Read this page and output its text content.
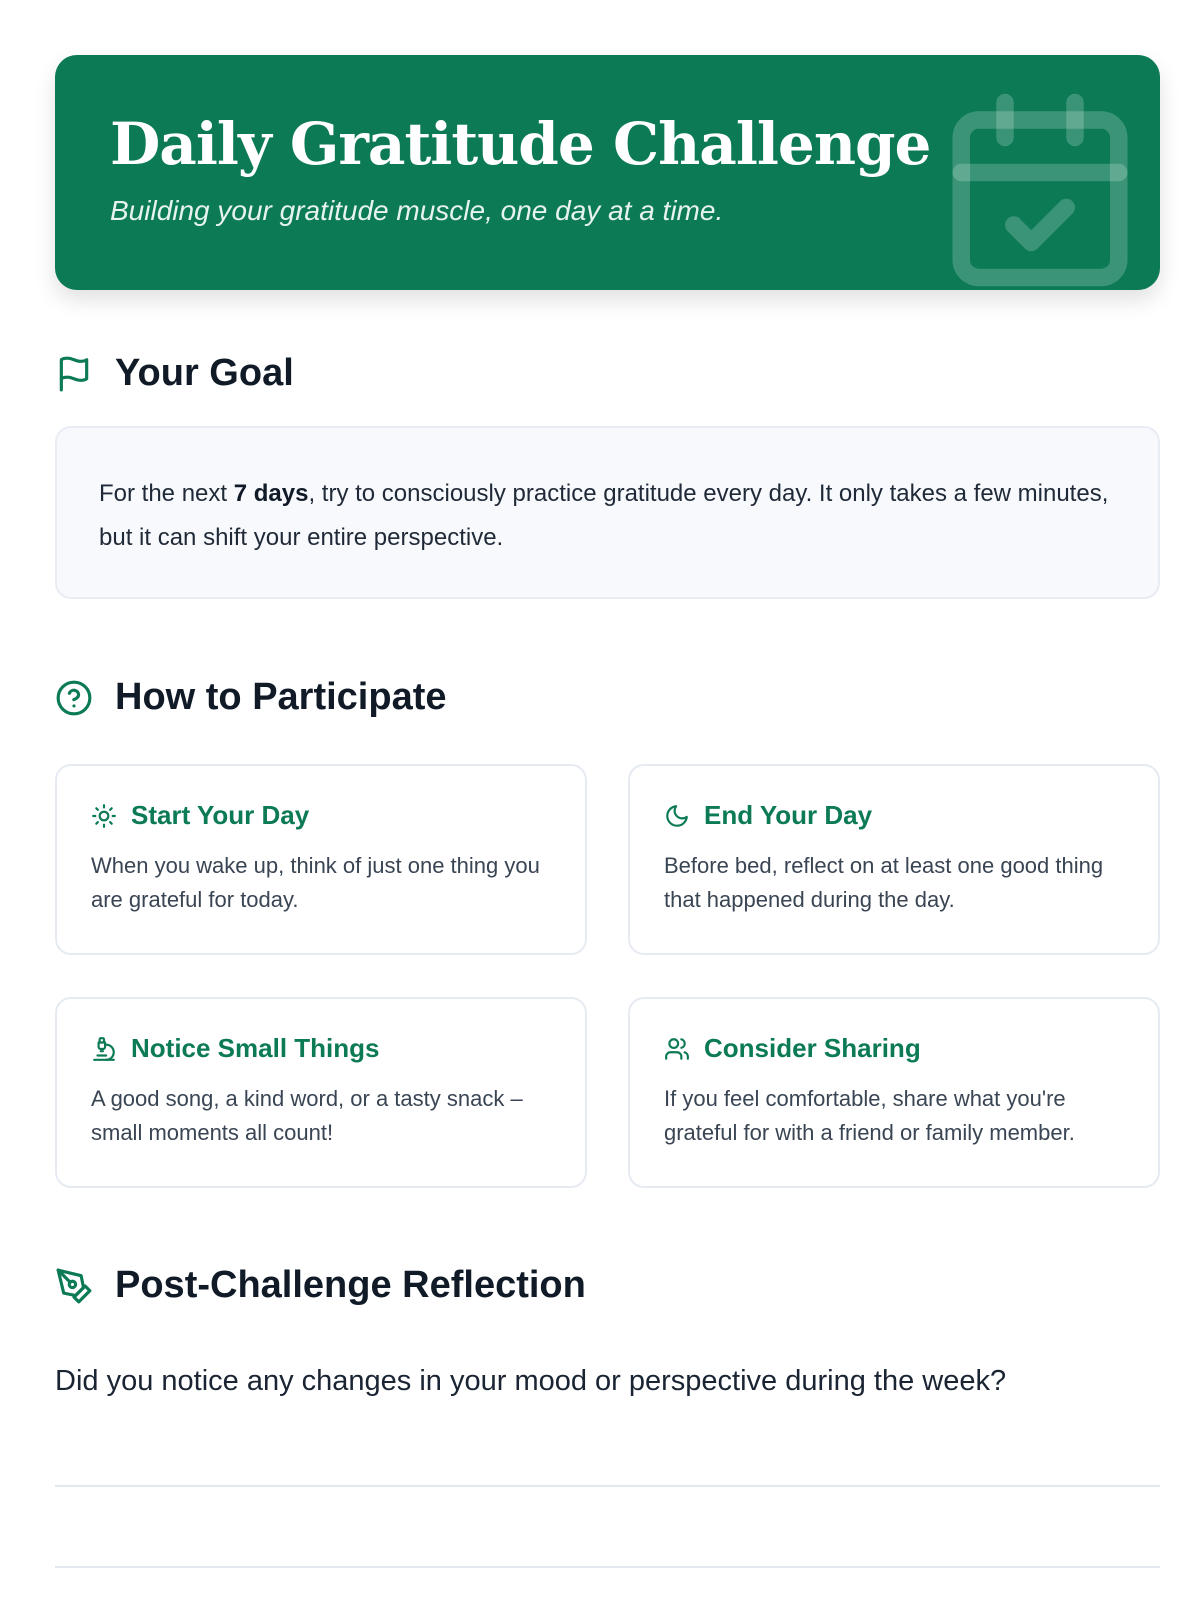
Daily Gratitude Challenge
Building your gratitude muscle, one day at a time.
Your Goal
For the next 7 days, try to consciously practice gratitude every day. It only takes a few minutes, but it can shift your entire perspective.
How to Participate
Start Your Day
When you wake up, think of just one thing you are grateful for today.
End Your Day
Before bed, reflect on at least one good thing that happened during the day.
Notice Small Things
A good song, a kind word, or a tasty snack – small moments all count!
Consider Sharing
If you feel comfortable, share what you're grateful for with a friend or family member.
Post-Challenge Reflection
Did you notice any changes in your mood or perspective during the week?
